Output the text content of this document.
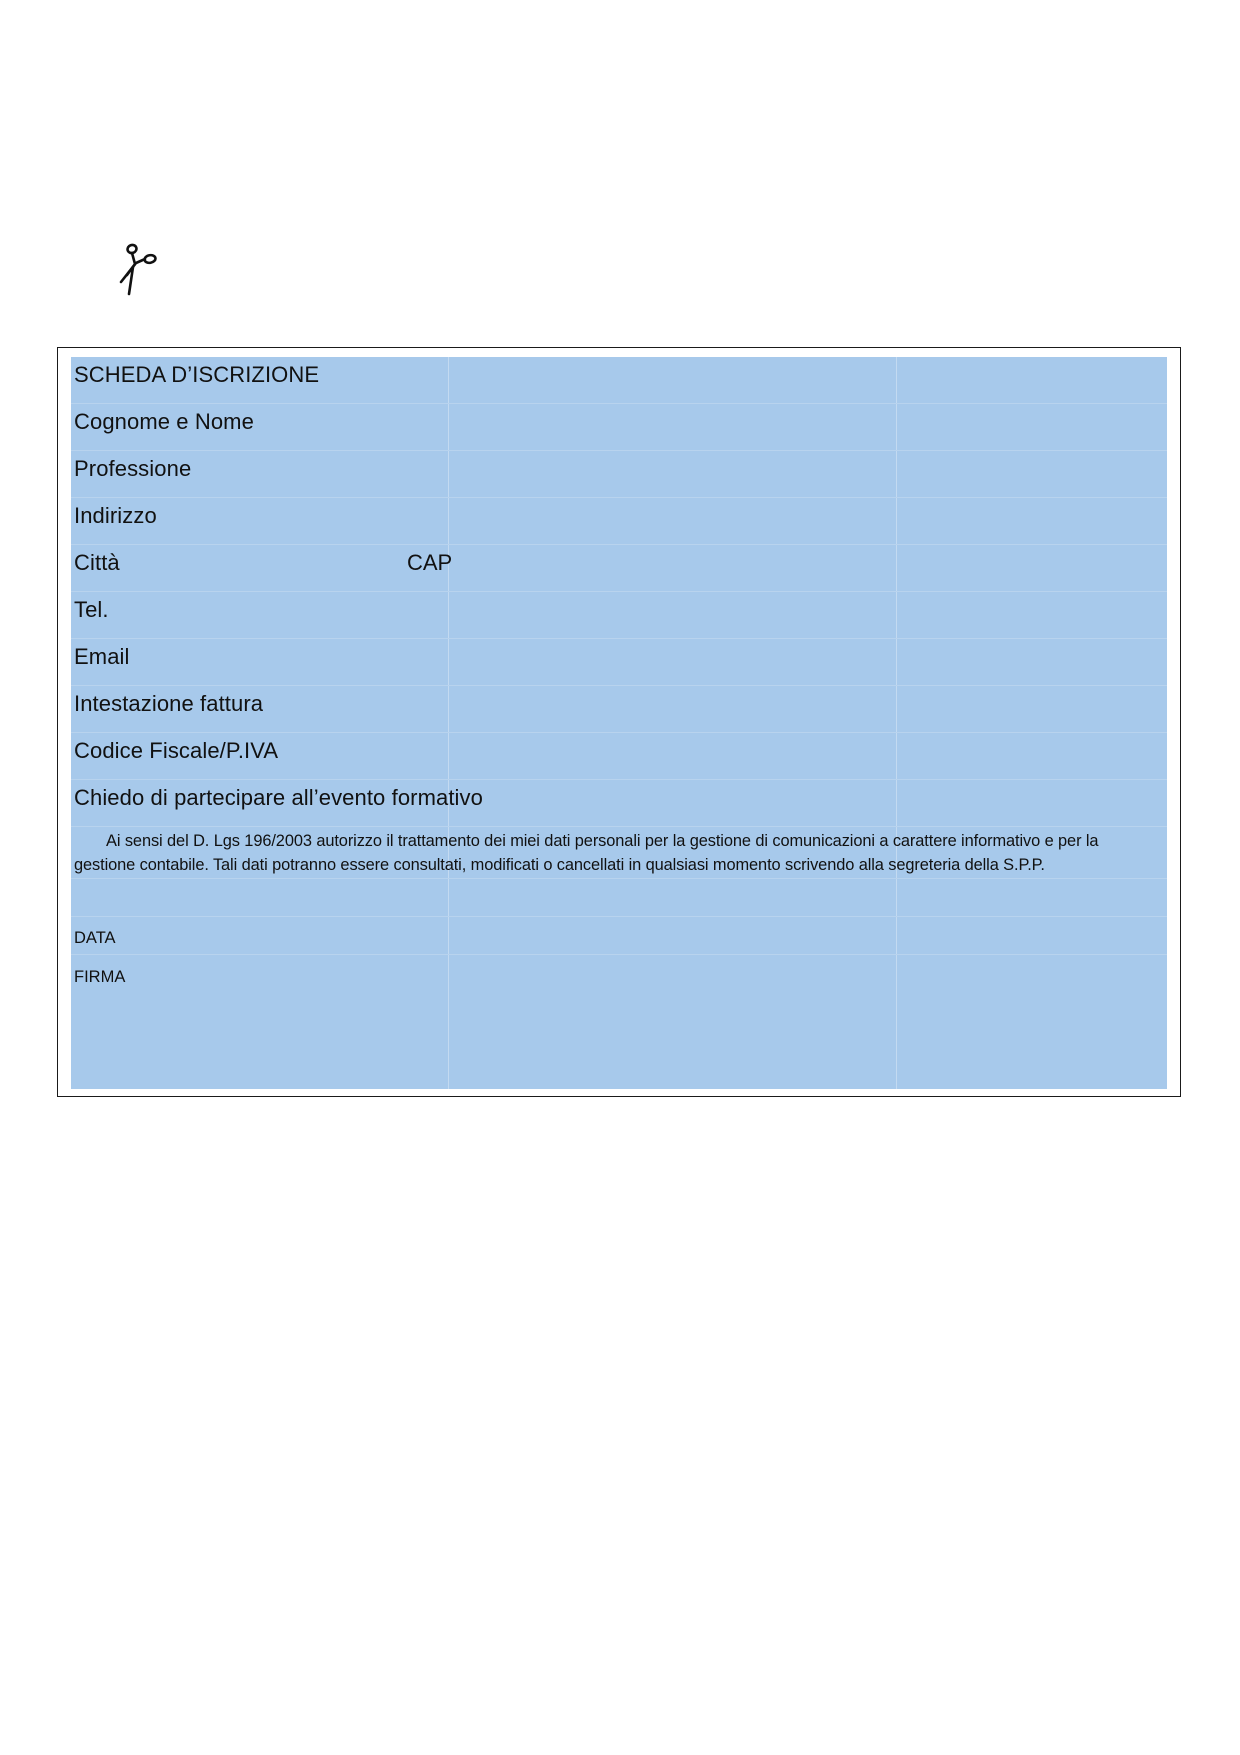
SCHEDA D’ISCRIZIONE
Cognome e Nome
Professione
Indirizzo
Città	CAP
Tel.
Email
Intestazione fattura
Codice Fiscale/P.IVA
Chiedo di partecipare all’evento formativo
Ai sensi del D. Lgs 196/2003 autorizzo il trattamento dei miei dati personali per la gestione di comunicazioni a carattere informativo e per la gestione contabile. Tali dati potranno essere consultati, modificati o cancellati in qualsiasi momento scrivendo alla segreteria della S.P.P.
DATA
FIRMA
